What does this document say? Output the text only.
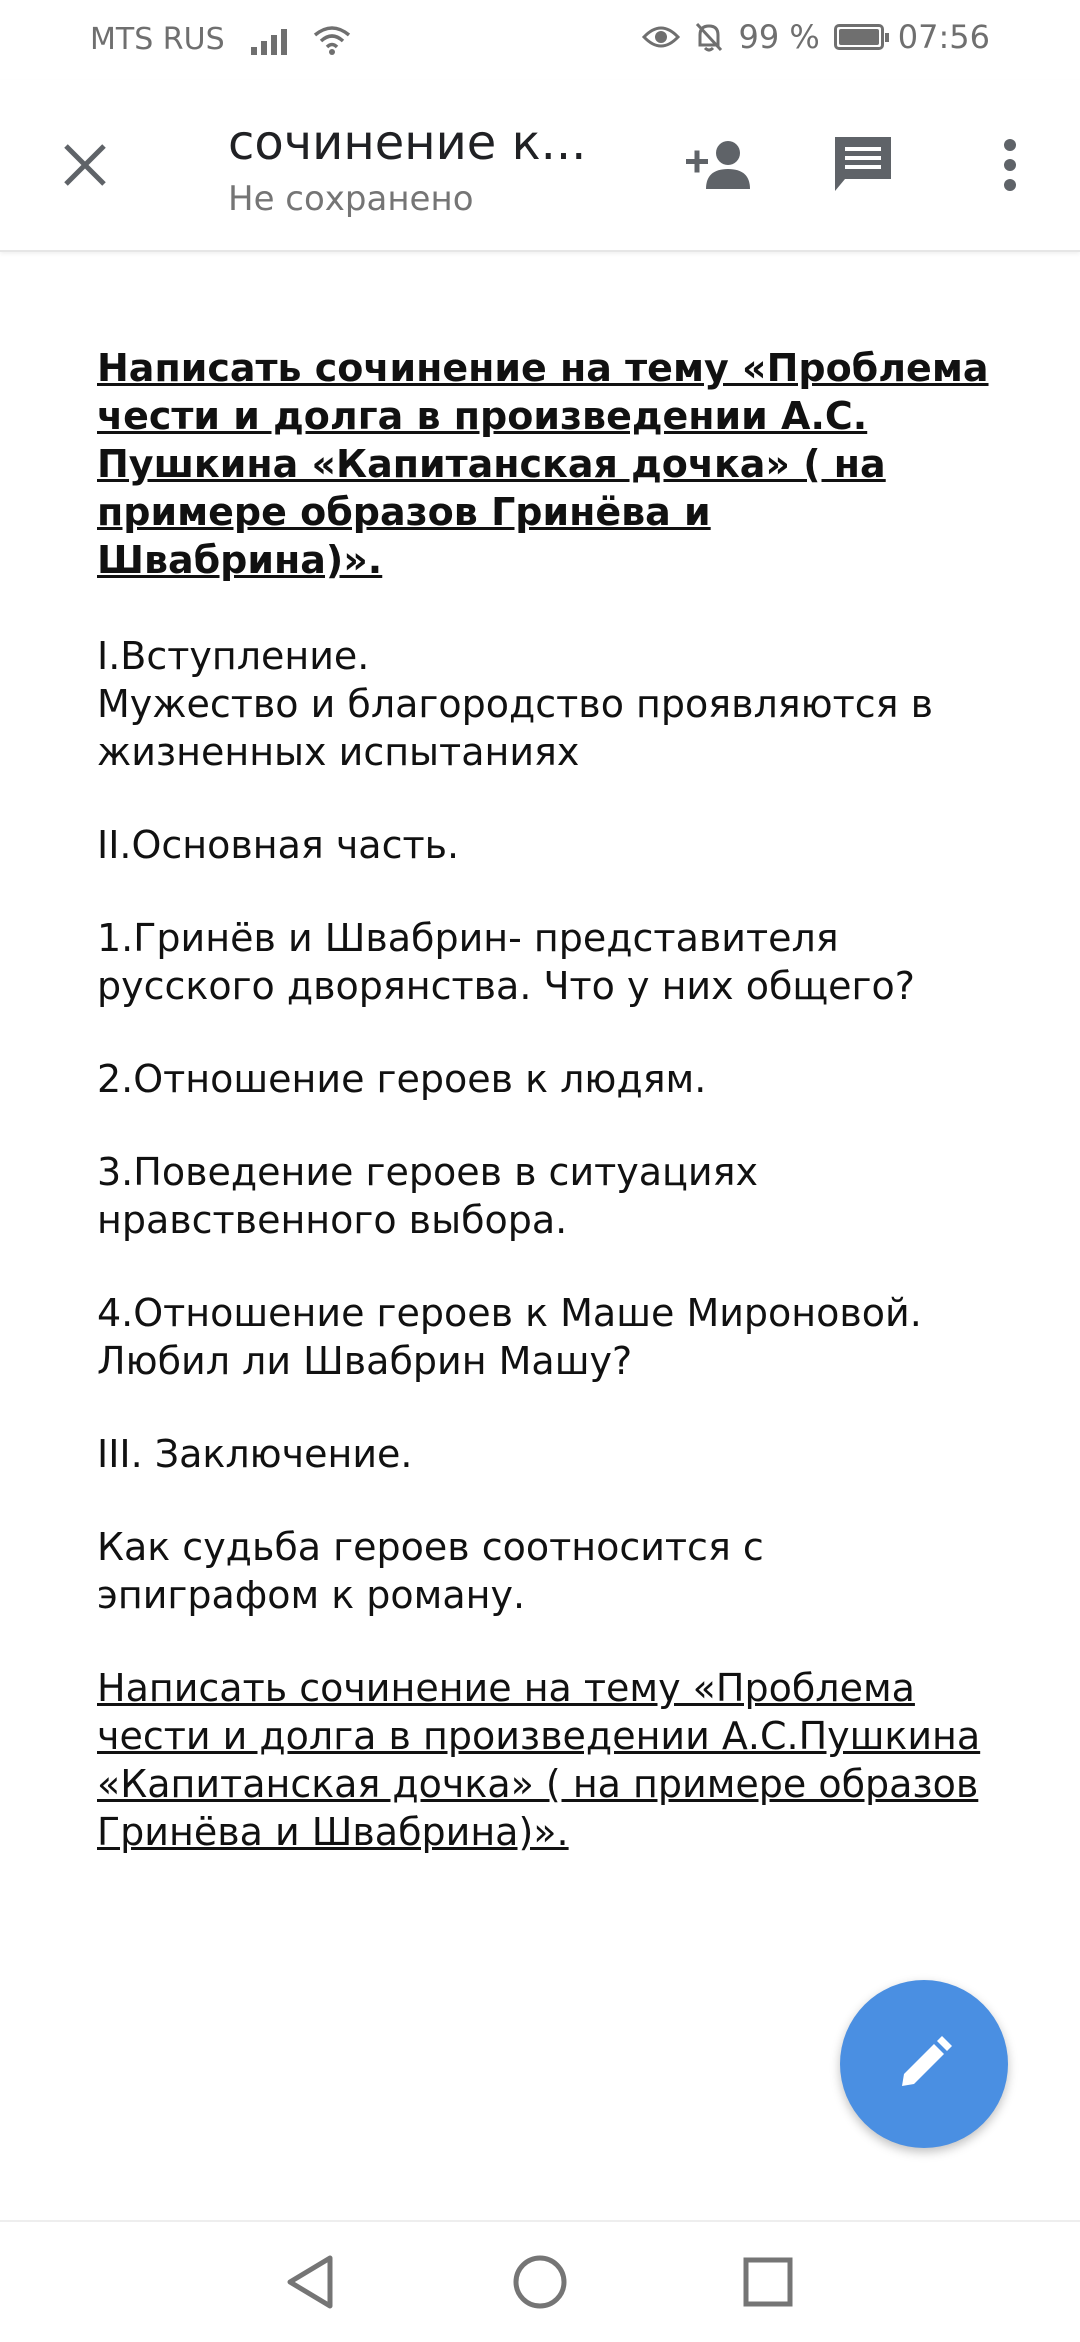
MTS RUS	99 % 07:56
сочинение к...
Не сохранено

Написать сочинение на тему «Проблема чести и долга в произведении А.С. Пушкина «Капитанская дочка» ( на примере образов Гринёва и Швабрина)».

I.Вступление.
Мужество и благородство проявляются в жизненных испытаниях

II.Основная часть.

1.Гринёв и Швабрин- представителя русского дворянства. Что у них общего?

2.Отношение героев к людям.

3.Поведение героев в ситуациях нравственного выбора.

4.Отношение героев к Маше Мироновой. Любил ли Швабрин Машу?

III. Заключение.

Как судьба героев соотносится с эпиграфом к роману.

Написать сочинение на тему «Проблема чести и долга в произведении А.С.Пушкина «Капитанская дочка» ( на примере образов Гринёва и Швабрина)».
